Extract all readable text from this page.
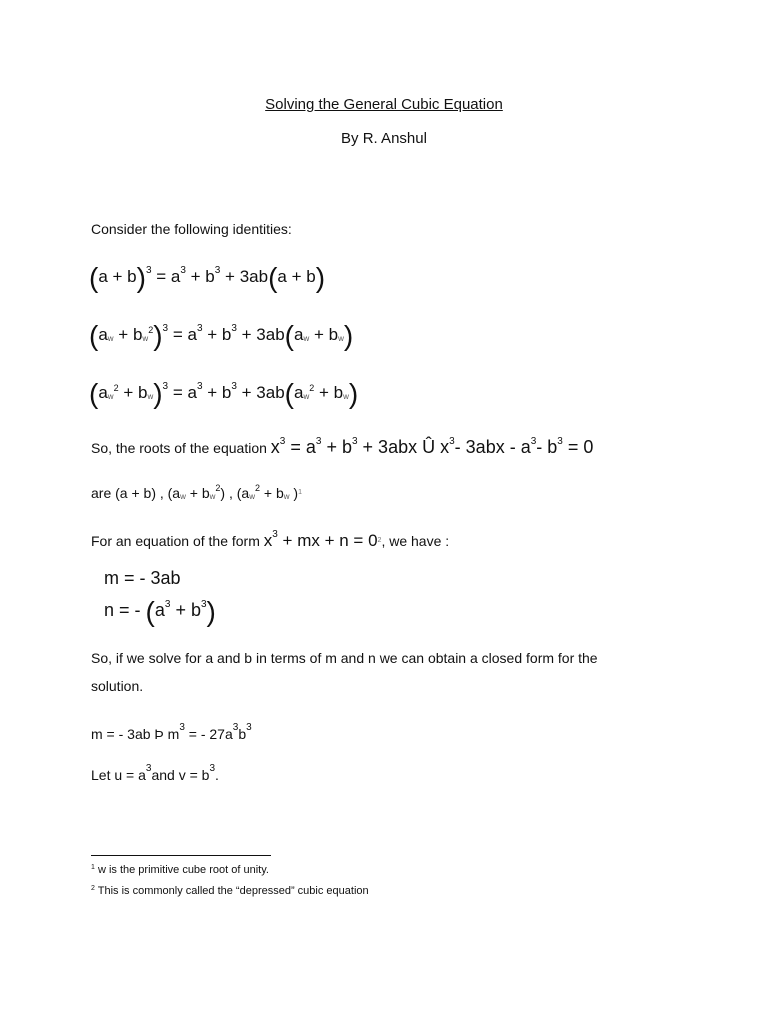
Solving the General Cubic Equation
By R. Anshul
Consider the following identities:
$(a + b)^3 = a^3 + b^3 + 3ab(a + b)$
$(aw + bw^2)^3 = a^3 + b^3 + 3ab(aw + bw)$
$(aw^2 + bw)^3 = a^3 + b^3 + 3ab(aw^2 + bw)$
So, the roots of the equation $x^3 = a^3 + b^3 + 3abx$ Û $x^3-$ $3abx - a^3-$ $b^3 = 0$
are (a + b) , $(aw + bw^2)$ , ($aw^2$ + bw )$^1$
For an equation of the form $x^3$ + mx + n = 0$^2$, we have :
m = - 3ab
n = - $(a^3 + b^3)$
So, if we solve for a and b in terms of m and n we can obtain a closed form for the
solution.
m = - 3ab Þ $m^3$ = - $27a^3b^3$
Let $u = a^3and$ $v = b^3$.
$^1$ w is the primitive cube root of unity.
$^2$ This is commonly called the “depressed” cubic equation
